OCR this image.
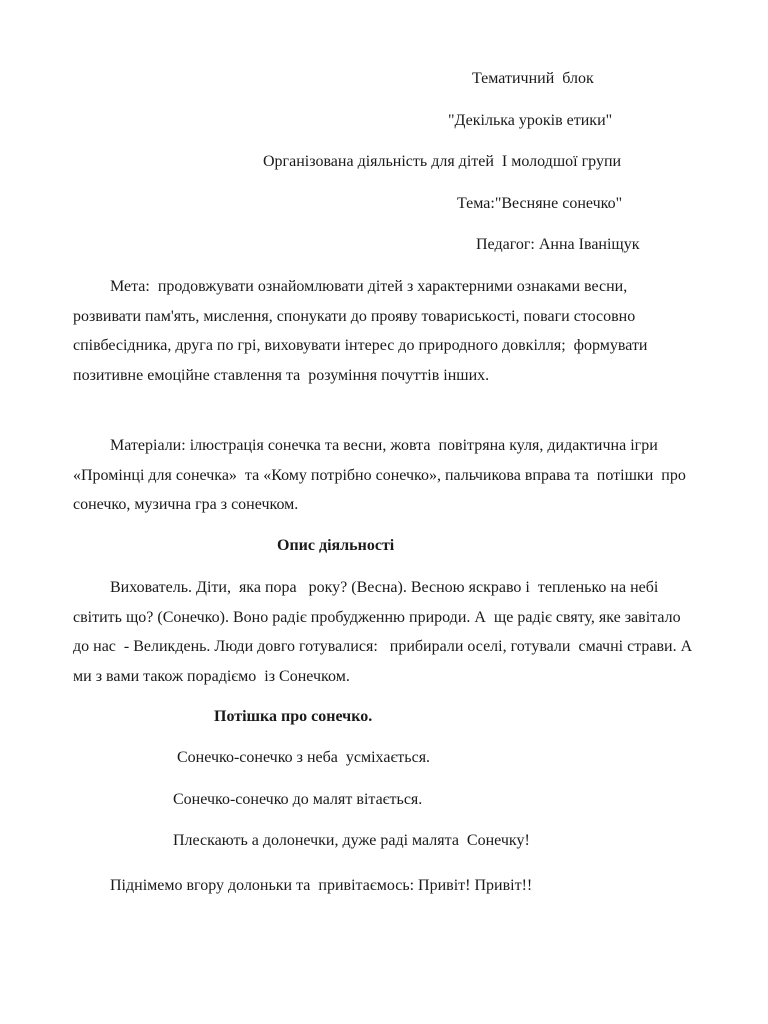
Тематичний  блок

"Декілька уроків етики"

Організована діяльність для дітей  І молодшої групи

Тема:"Весняне сонечко"

Педагог: Анна Іваніщук

Мета:  продовжувати ознайомлювати дітей з характерними ознаками весни, розвивати пам'ять, мислення, спонукати до прояву товариськості, поваги стосовно співбесідника, друга по грі, виховувати інтерес до природного довкілля;  формувати  позитивне емоційне ставлення та  розуміння почуттів інших.

Матеріали: ілюстрація сонечка та весни, жовта  повітряна куля, дидактична ігри  «Промінці для сонечка»  та «Кому потрібно сонечко», пальчикова вправа та  потішки  про сонечко, музична гра з сонечком.

Опис діяльності

Вихователь. Діти,  яка пора   року? (Весна). Весною яскраво і  тепленько на небі  світить що? (Сонечко). Воно радіє пробудженню природи. А  ще радіє святу, яке завітало до нас  - Великдень. Люди довго готувалися:   прибирали оселі, готували  смачні страви. А ми з вами також порадіємо  із Сонечком.

Потішка про сонечко.

Сонечко-сонечко з неба  усміхається.

Сонечко-сонечко до малят вітається.

Плескають а долонечки, дуже раді малята  Сонечку!

Піднімемо вгору долоньки та  привітаємось: Привіт! Привіт!!
